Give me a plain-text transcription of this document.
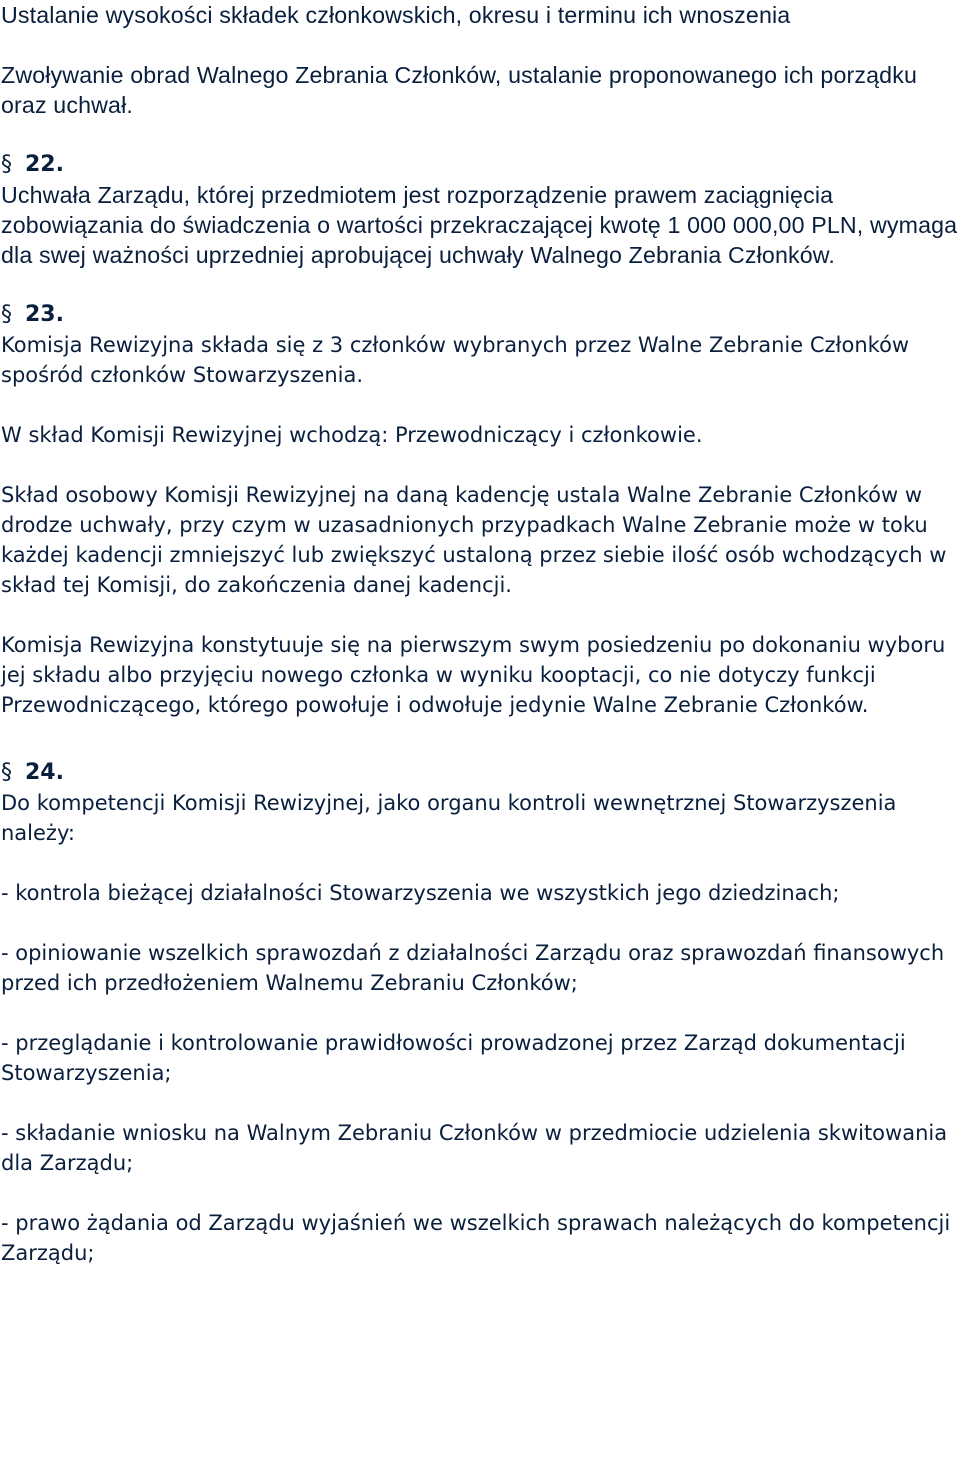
Ustalanie wysokości składek członkowskich, okresu i terminu ich wnoszenia

Zwoływanie obrad Walnego Zebrania Członków, ustalanie proponowanego ich porządku oraz uchwał.

§ 22.

Uchwała Zarządu, której przedmiotem jest rozporządzenie prawem zaciągnięcia zobowiązania do świadczenia o wartości przekraczającej kwotę 1 000 000,00 PLN, wymaga dla swej ważności uprzedniej aprobującej uchwały Walnego Zebrania Członków.

§ 23.

Komisja Rewizyjna składa się z 3 członków wybranych przez Walne Zebranie Członków spośród członków Stowarzyszenia.

W skład Komisji Rewizyjnej wchodzą: Przewodniczący i członkowie.

Skład osobowy Komisji Rewizyjnej na daną kadencję ustala Walne Zebranie Członków w drodze uchwały, przy czym w uzasadnionych przypadkach Walne Zebranie może w toku każdej kadencji zmniejszyć lub zwiększyć ustaloną przez siebie ilość osób wchodzących w skład tej Komisji, do zakończenia danej kadencji.

Komisja Rewizyjna konstytuuje się na pierwszym swym posiedzeniu po dokonaniu wyboru jej składu albo przyjęciu nowego członka w wyniku kooptacji, co nie dotyczy funkcji Przewodniczącego, którego powołuje i odwołuje jedynie Walne Zebranie Członków.

§ 24.

Do kompetencji Komisji Rewizyjnej, jako organu kontroli wewnętrznej Stowarzyszenia należy:

- kontrola bieżącej działalności Stowarzyszenia we wszystkich jego dziedzinach;

- opiniowanie wszelkich sprawozdań z działalności Zarządu oraz sprawozdań finansowych przed ich przedłożeniem Walnemu Zebraniu Członków;

- przeglądanie i kontrolowanie prawidłowości prowadzonej przez Zarząd dokumentacji Stowarzyszenia;

- składanie wniosku na Walnym Zebraniu Członków w przedmiocie udzielenia skwitowania dla Zarządu;

- prawo żądania od Zarządu wyjaśnień we wszelkich sprawach należących do kompetencji Zarządu;
